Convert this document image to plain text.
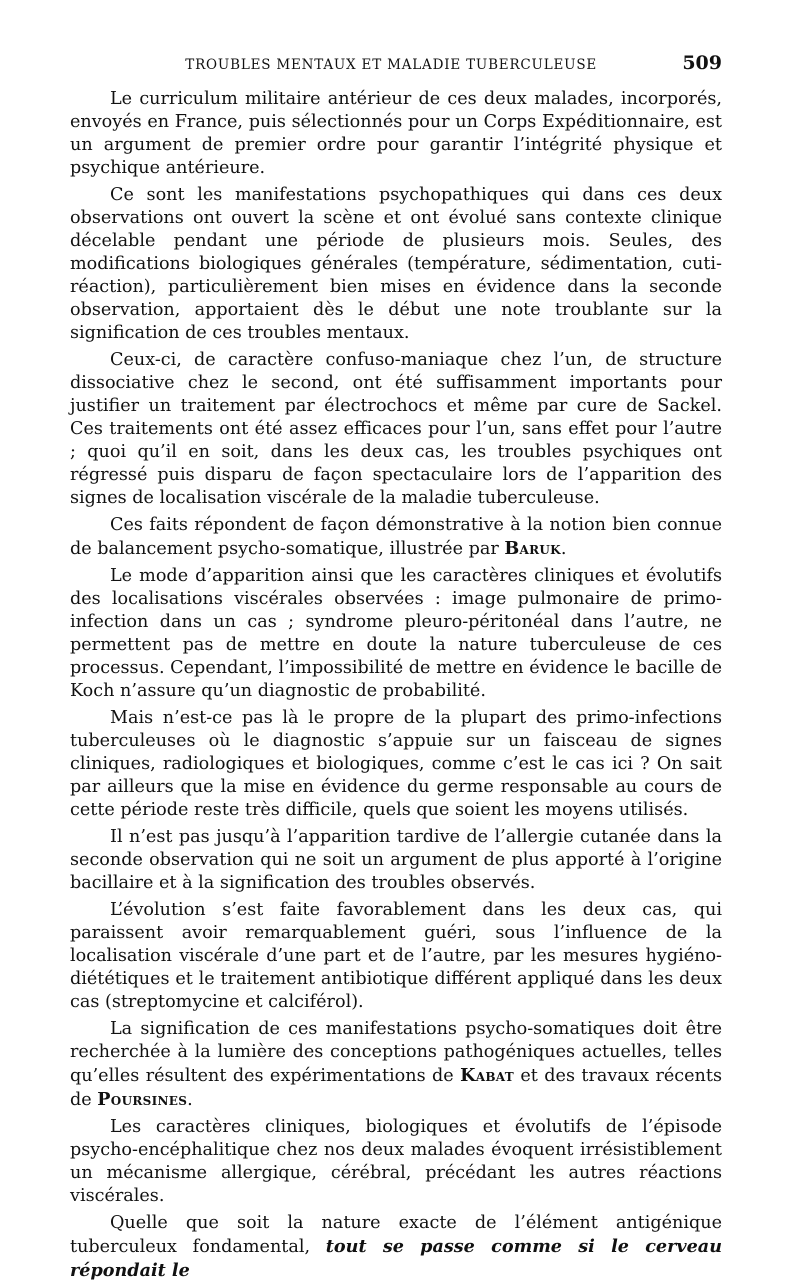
TROUBLES MENTAUX ET MALADIE TUBERCULEUSE	509

Le curriculum militaire antérieur de ces deux malades, incorporés, envoyés en France, puis sélectionnés pour un Corps Expéditionnaire, est un argument de premier ordre pour garantir l’intégrité physique et psychique antérieure.

Ce sont les manifestations psychopathiques qui dans ces deux observations ont ouvert la scène et ont évolué sans contexte clinique décelable pendant une période de plusieurs mois. Seules, des modifications biologiques générales (température, sédimentation, cuti-réaction), particulièrement bien mises en évidence dans la seconde observation, apportaient dès le début une note troublante sur la signification de ces troubles mentaux.

Ceux-ci, de caractère confuso-maniaque chez l’un, de structure dissociative chez le second, ont été suffisamment importants pour justifier un traitement par électrochocs et même par cure de Sackel. Ces traitements ont été assez efficaces pour l’un, sans effet pour l’autre ; quoi qu’il en soit, dans les deux cas, les troubles psychiques ont régressé puis disparu de façon spectaculaire lors de l’apparition des signes de localisation viscérale de la maladie tuberculeuse.

Ces faits répondent de façon démonstrative à la notion bien connue de balancement psycho-somatique, illustrée par Baruk.

Le mode d’apparition ainsi que les caractères cliniques et évolutifs des localisations viscérales observées : image pulmonaire de primo-infection dans un cas ; syndrome pleuro-péritonéal dans l’autre, ne permettent pas de mettre en doute la nature tuberculeuse de ces processus. Cependant, l’impossibilité de mettre en évidence le bacille de Koch n’assure qu’un diagnostic de probabilité.

Mais n’est-ce pas là le propre de la plupart des primo-infections tuberculeuses où le diagnostic s’appuie sur un faisceau de signes cliniques, radiologiques et biologiques, comme c’est le cas ici ? On sait par ailleurs que la mise en évidence du germe responsable au cours de cette période reste très difficile, quels que soient les moyens utilisés.

Il n’est pas jusqu’à l’apparition tardive de l’allergie cutanée dans la seconde observation qui ne soit un argument de plus apporté à l’origine bacillaire et à la signification des troubles observés.

L’évolution s’est faite favorablement dans les deux cas, qui paraissent avoir remarquablement guéri, sous l’influence de la localisation viscérale d’une part et de l’autre, par les mesures hygiéno-diététiques et le traitement antibiotique différent appliqué dans les deux cas (streptomycine et calciférol).

La signification de ces manifestations psycho-somatiques doit être recherchée à la lumière des conceptions pathogéniques actuelles, telles qu’elles résultent des expérimentations de Kabat et des travaux récents de Poursines.

Les caractères cliniques, biologiques et évolutifs de l’épisode psycho-encéphalitique chez nos deux malades évoquent irrésistiblement un mécanisme allergique, cérébral, précédant les autres réactions viscérales.

Quelle que soit la nature exacte de l’élément antigénique tuberculeux fondamental, tout se passe comme si le cerveau répondait le
